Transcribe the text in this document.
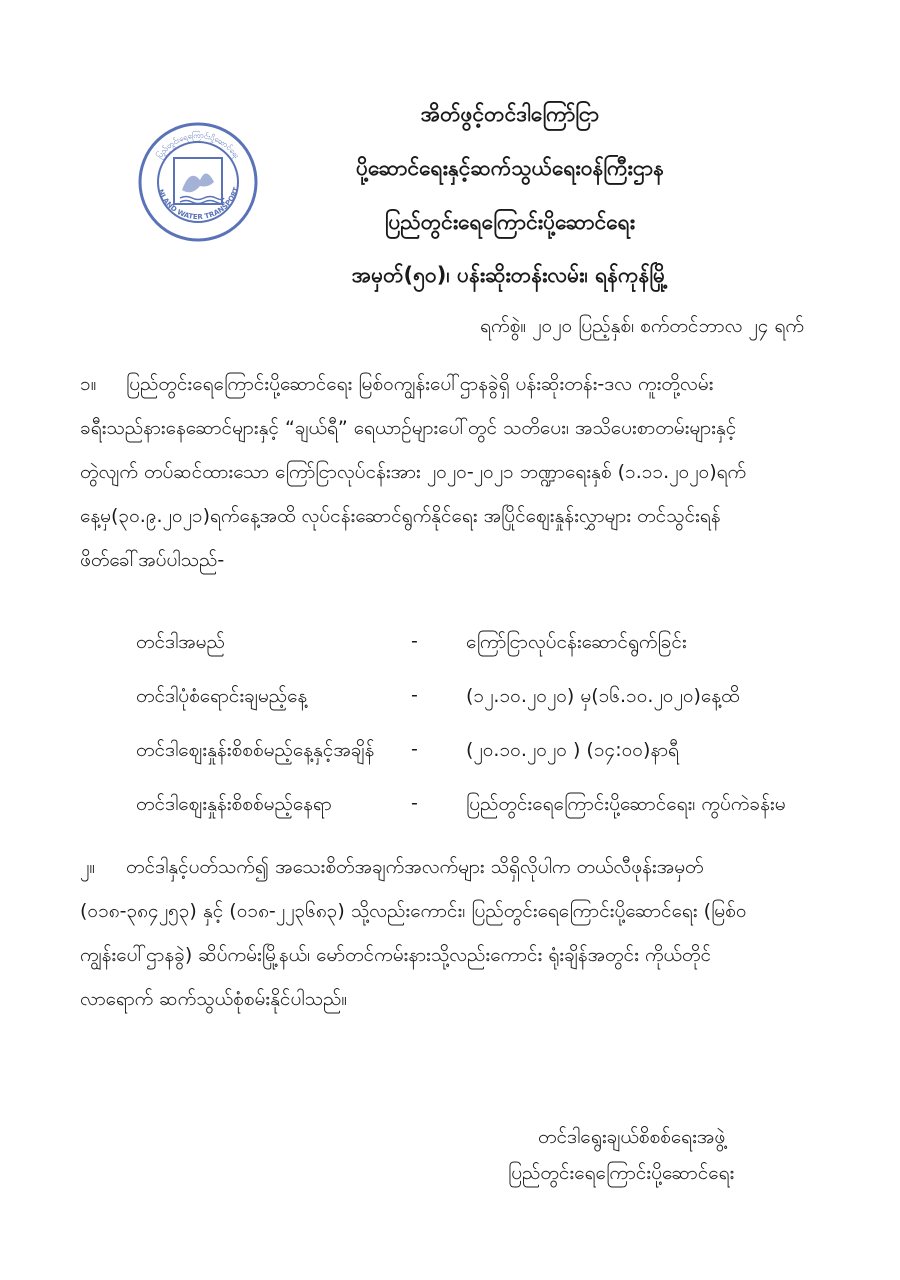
ပြည်တွင်းရေကြောင်းပို့ဆောင်ရေး
NLAND WATER TRANSPORT
အိတ်ဖွင့်တင်ဒါကြော်ငြာ
ပို့ဆောင်ရေးနှင့်ဆက်သွယ်ရေးဝန်ကြီးဌာန
ပြည်တွင်းရေကြောင်းပို့ဆောင်ရေး
အမှတ်(၅၀)၊ ပန်းဆိုးတန်းလမ်း၊ ရန်ကုန်မြို့
ရက်စွဲ။ ၂၀၂၀ ပြည့်နှစ်၊ စက်တင်ဘာလ ၂၄ ရက်
၁။ ပြည်တွင်းရေကြောင်းပို့ဆောင်ရေး မြစ်ဝကျွန်းပေါ်ဌာနခွဲရှိ ပန်းဆိုးတန်း-ဒလ ကူးတို့လမ်း
ခရီးသည်နားနေဆောင်များနှင့် “ချယ်ရီ” ရေယာဉ်များပေါ်တွင် သတိပေး၊ အသိပေးစာတမ်းများနှင့်
တွဲလျက် တပ်ဆင်ထားသော ကြော်ငြာလုပ်ငန်းအား ၂၀၂၀-၂၀၂၁ ဘဏ္ဍာရေးနှစ် (၁.၁၁.၂၀၂၀)ရက်
နေ့မှ(၃၀.၉.၂၀၂၁)ရက်နေ့အထိ လုပ်ငန်းဆောင်ရွက်နိုင်ရေး အပြိုင်စျေးနှုန်းလွှာများ တင်သွင်းရန်
ဖိတ်ခေါ်အပ်ပါသည်-
တင်ဒါအမည်	-	ကြော်ငြာလုပ်ငန်းဆောင်ရွက်ခြင်း
တင်ဒါပုံစံရောင်းချမည့်နေ့	-	(၁၂.၁၀.၂၀၂၀) မှ(၁၆.၁၀.၂၀၂၀)နေ့ထိ
တင်ဒါစျေးနှုန်းစိစစ်မည့်နေ့နှင့်အချိန် -	(၂၀.၁၀.၂၀၂၀ ) (၁၄:၀၀)နာရီ
တင်ဒါစျေးနှုန်းစိစစ်မည့်နေရာ	-	ပြည်တွင်းရေကြောင်းပို့ဆောင်ရေး၊ ကွပ်ကဲခန်းမ
၂။ တင်ဒါနှင့်ပတ်သက်၍ အသေးစိတ်အချက်အလက်များ သိရှိလိုပါက တယ်လီဖုန်းအမှတ်
(၀၁၈-၃၈၄၂၅၃) နှင့် (၀၁၈-၂၂၃၆၈၃) သို့လည်းကောင်း၊ ပြည်တွင်းရေကြောင်းပို့ဆောင်ရေး (မြစ်ဝ
ကျွန်းပေါ်ဌာနခွဲ) ဆိပ်ကမ်းမြို့နယ်၊ မော်တင်ကမ်းနားသို့လည်းကောင်း ရုံးချိန်အတွင်း ကိုယ်တိုင်
လာရောက် ဆက်သွယ်စုံစမ်းနိုင်ပါသည်။
တင်ဒါရွေးချယ်စိစစ်ရေးအဖွဲ့
ပြည်တွင်းရေကြောင်းပို့ဆောင်ရေး
